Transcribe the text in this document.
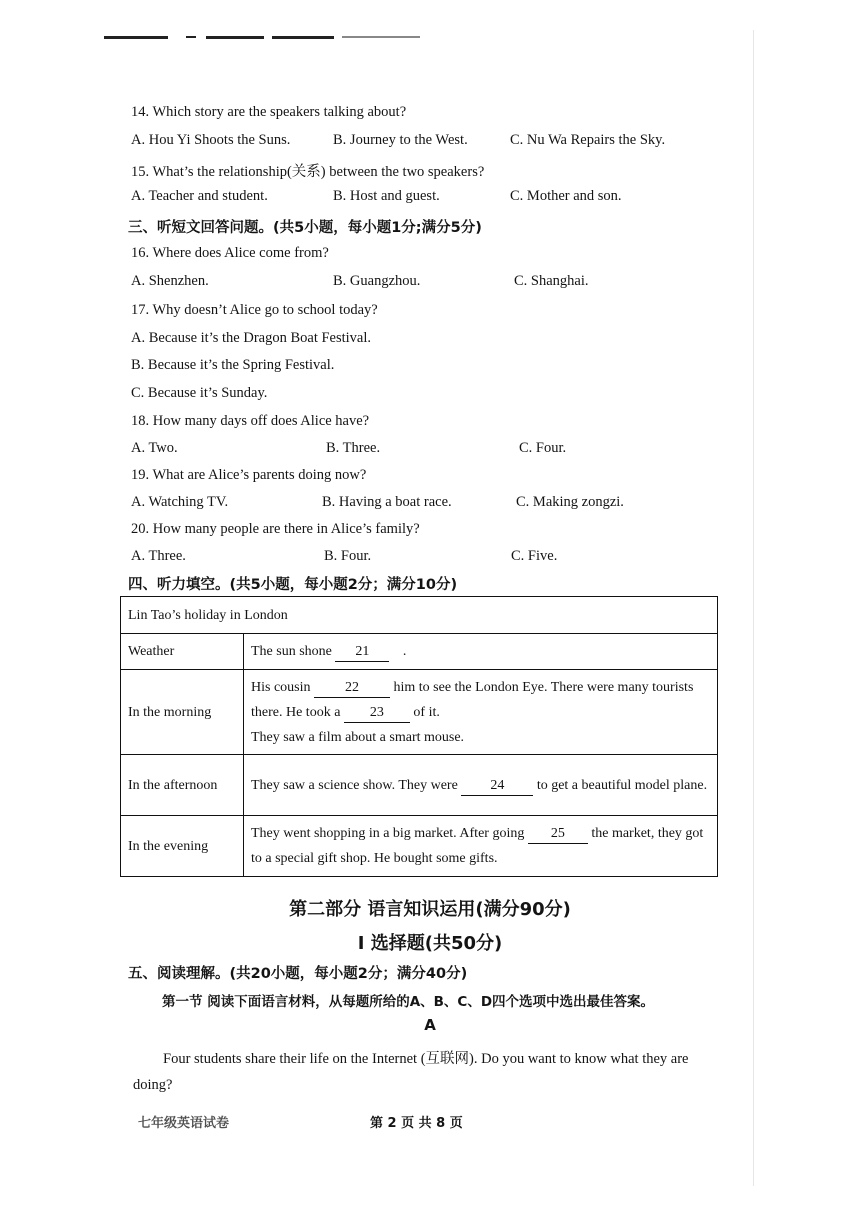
14. Which story are the speakers talking about?
A. Hou Yi Shoots the Suns.	B. Journey to the West.	C. Nu Wa Repairs the Sky.
15. What’s the relationship(关系) between the two speakers?
A. Teacher and student.	B. Host and guest.	C. Mother and son.
三、听短文回答问题。(共5小题，每小题1分;满分5分)
16. Where does Alice come from?
A. Shenzhen.	B. Guangzhou.	C. Shanghai.
17. Why doesn’t Alice go to school today?
A. Because it’s the Dragon Boat Festival.
B. Because it’s the Spring Festival.
C. Because it’s Sunday.
18. How many days off does Alice have?
A. Two.	B. Three.	C. Four.
19. What are Alice’s parents doing now?
A. Watching TV.	B. Having a boat race.	C. Making zongzi.
20. How many people are there in Alice’s family?
A. Three.	B. Four.	C. Five.
四、听力填空。(共5小题，每小题2分；满分10分)
Lin Tao’s holiday in London	
Weather	The sun shone 21 .
In the morning	His cousin 22 him to see the London Eye. There were many tourists there. He took a 23 of it.
They saw a film about a smart mouse.
In the afternoon	They saw a science show. They were 24 to get a beautiful model plane.
In the evening	They went shopping in a big market. After going 25 the market, they got to a special gift shop. He bought some gifts.
第二部分 语言知识运用(满分90分)
I 选择题(共50分)
五、阅读理解。(共20小题，每小题2分；满分40分)
第一节 阅读下面语言材料，从每题所给的A、B、C、D四个选项中选出最佳答案。
A
Four students share their life on the Internet (互联网). Do you want to know what they are doing?
七年级英语试卷	第 2 页 共 8 页
